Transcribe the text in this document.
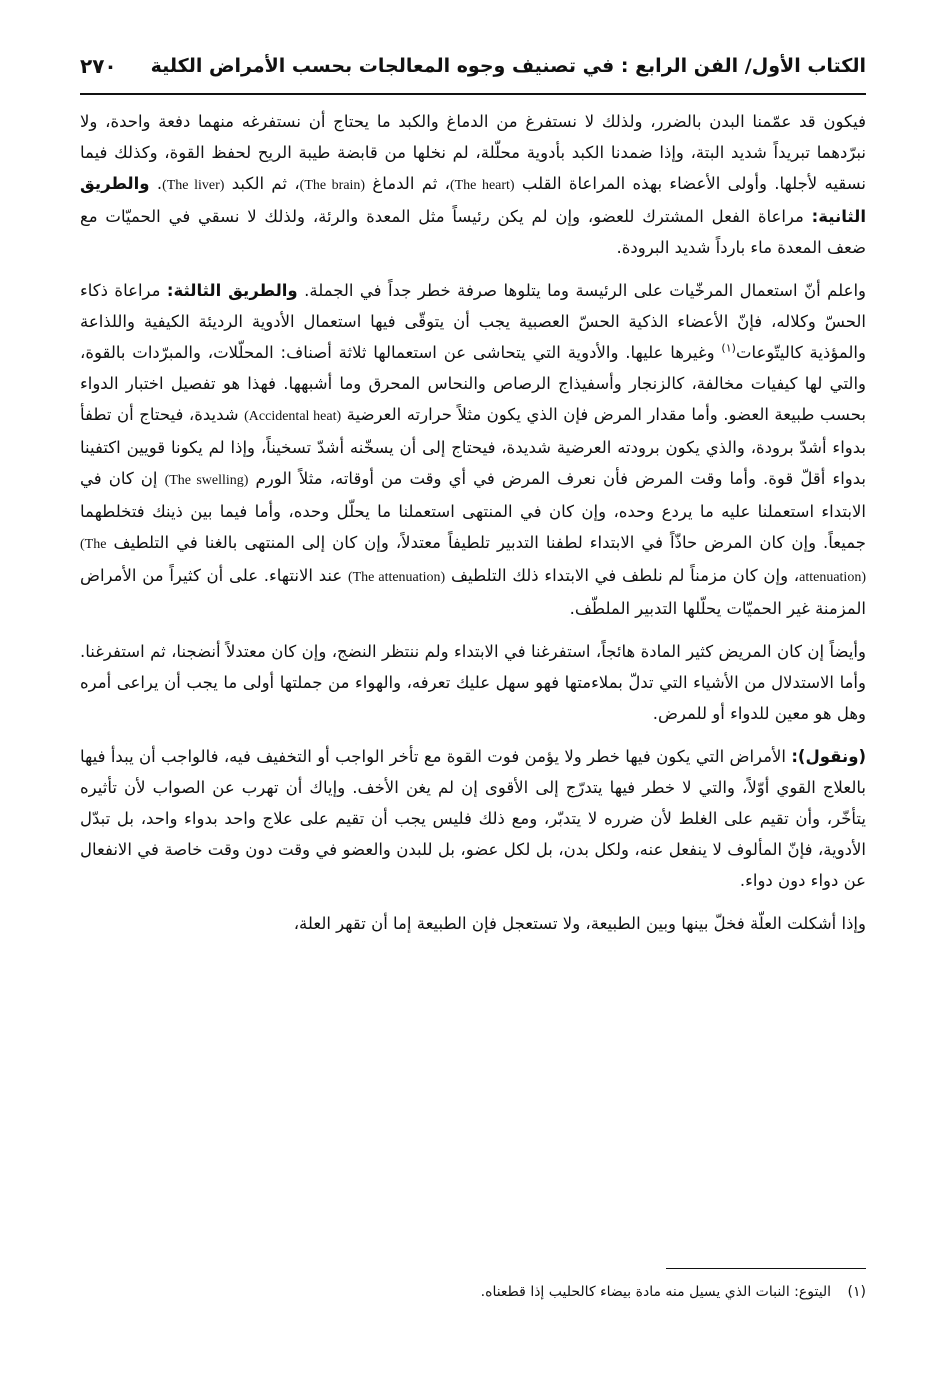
الكتاب الأول/ الفن الرابع : في تصنيف وجوه المعالجات بحسب الأمراض الكلية
٢٧٠

فيكون قد عمّمنا البدن بالضرر، ولذلك لا نستفرغ من الدماغ والكبد ما يحتاج أن نستفرغه منهما دفعة واحدة، ولا نبرّدهما تبريداً شديد البتة، وإذا ضمدنا الكبد بأدوية محلّلة، لم نخلها من قابضة طيبة الريح لحفظ القوة، وكذلك فيما نسقيه لأجلها. وأولى الأعضاء بهذه المراعاة القلب (The heart)، ثم الدماغ (The brain)، ثم الكبد (The liver). والطريق الثانية: مراعاة الفعل المشترك للعضو، وإن لم يكن رئيساً مثل المعدة والرئة، ولذلك لا نسقي في الحميّات مع ضعف المعدة ماء بارداً شديد البرودة.

واعلم أنّ استعمال المرخّيات على الرئيسة وما يتلوها صرفة خطر جداً في الجملة. والطريق الثالثة: مراعاة ذكاء الحسّ وكلاله، فإنّ الأعضاء الذكية الحسّ العصبية يجب أن يتوقّى فيها استعمال الأدوية الرديئة الكيفية واللذاعة والمؤذية كاليتّوعات$^{(١)}$ وغيرها عليها. والأدوية التي يتحاشى عن استعمالها ثلاثة أصناف: المحلّلات، والمبرّدات بالقوة، والتي لها كيفيات مخالفة، كالزنجار وأسفيذاج الرصاص والنحاس المحرق وما أشبهها. فهذا هو تفصيل اختبار الدواء بحسب طبيعة العضو. وأما مقدار المرض فإن الذي يكون مثلاً حرارته العرضية (Accidental heat) شديدة، فيحتاج أن تطفأ بدواء أشدّ برودة، والذي يكون برودته العرضية شديدة، فيحتاج إلى أن يسخّنه أشدّ تسخيناً، وإذا لم يكونا قويين اكتفينا بدواء أقلّ قوة. وأما وقت المرض فأن نعرف المرض في أي وقت من أوقاته، مثلاً الورم (The swelling) إن كان في الابتداء استعملنا عليه ما يردع وحده، وإن كان في المنتهى استعملنا ما يحلّل وحده، وأما فيما بين ذينك فتخلطهما جميعاً. وإن كان المرض حاذّاً في الابتداء لطفنا التدبير تلطيفاً معتدلاً، وإن كان إلى المنتهى بالغنا في التلطيف (The attenuation)، وإن كان مزمناً لم نلطف في الابتداء ذلك التلطيف (The attenuation) عند الانتهاء. على أن كثيراً من الأمراض المزمنة غير الحميّات يحلّلها التدبير الملطّف.

وأيضاً إن كان المريض كثير المادة هائجاً، استفرغنا في الابتداء ولم ننتظر النضج، وإن كان معتدلاً أنضجنا، ثم استفرغنا. وأما الاستدلال من الأشياء التي تدلّ بملاءمتها فهو سهل عليك تعرفه، والهواء من جملتها أولى ما يجب أن يراعى أمره وهل هو معين للدواء أو للمرض.

(ونقول): الأمراض التي يكون فيها خطر ولا يؤمن فوت القوة مع تأخر الواجب أو التخفيف فيه، فالواجب أن يبدأ فيها بالعلاج القوي أوّلاً، والتي لا خطر فيها يتدرّج إلى الأقوى إن لم يغن الأخف. وإياك أن تهرب عن الصواب لأن تأثيره يتأخّر، وأن تقيم على الغلط لأن ضرره لا يتدبّر، ومع ذلك فليس يجب أن تقيم على علاج واحد بدواء واحد، بل تبدّل الأدوية، فإنّ المألوف لا ينفعل عنه، ولكل بدن، بل لكل عضو، بل للبدن والعضو في وقت دون وقت خاصة في الانفعال عن دواء دون دواء.

وإذا أشكلت العلّة فخلّ بينها وبين الطبيعة، ولا تستعجل فإن الطبيعة إما أن تقهر العلة،

(١) اليتوع: النبات الذي يسيل منه مادة بيضاء كالحليب إذا قطعناه.
